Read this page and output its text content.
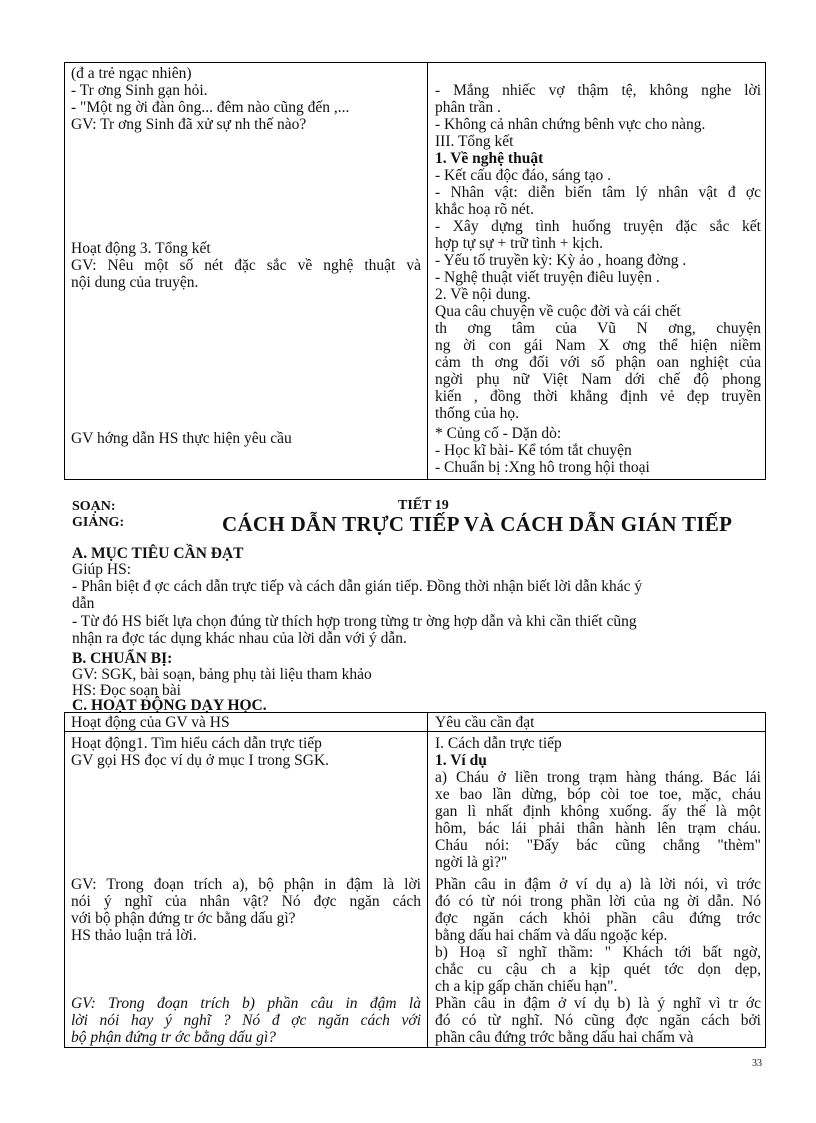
(đ a trẻ ngạc nhiên)
- Tr ơng Sinh gạn hỏi.
- "Một ng ời đàn ông... đêm nào cũng đến ,...
GV: Tr ơng Sinh đã xử sự nh thế nào?
Hoạt động 3. Tổng kết
GV: Nêu một số nét đặc sắc về nghệ thuật và
nội dung của truyện.
GV hớng dẫn HS thực hiện yêu cầu
- Mắng nhiếc vợ thậm tệ, không nghe lời
phân trần .
- Không cả nhân chứng bênh vực cho nàng.
III. Tổng kết
1. Về nghệ thuật
- Kết cấu độc đáo, sáng tạo .
- Nhân vật: diễn biến tâm lý nhân vật đ ợc
khắc hoạ rõ nét.
- Xây dựng tình huống truyện đặc sắc kết
hợp tự sự + trữ tình + kịch.
- Yếu tố truyền kỳ: Kỳ ảo , hoang đờng .
- Nghệ thuật viết truyện điêu luyện .
2. Về nội dung.
Qua câu chuyện về cuộc đời và cái chết
th ơng tâm của Vũ N ơng, chuyện
ng ời con gái Nam X ơng thể hiện niềm
cảm th ơng đối với số phận oan nghiệt của
ngời phụ nữ Việt Nam dới chế độ phong
kiến , đồng thời khẳng định vẻ đẹp truyền
thống của họ.
* Củng cố - Dặn dò:
- Học kĩ bài- Kể tóm tắt chuyện
- Chuẩn bị :Xng hô trong hội thoại
SOẠN:
GIẢNG:
TIẾT 19
CÁCH DẪN TRỰC TIẾP VÀ CÁCH DẪN GIÁN TIẾP
A. MỤC TIÊU CẦN ĐẠT
Giúp HS:
- Phân biệt đ ợc cách dẫn trực tiếp và cách dẫn gián tiếp. Đồng thời nhận biết lời dẫn khác ý
dẫn
- Từ đó HS biết lựa chọn đúng từ thích hợp trong từng tr ờng hợp dẫn và khi cần thiết cũng
nhận ra đợc tác dụng khác nhau của lời dẫn với ý dẫn.
B. CHUẨN BỊ:
GV: SGK, bài soạn, bảng phụ tài liệu tham khảo
HS: Đọc soạn bài
C. HOẠT ĐỘNG DẠY HỌC.
Hoạt động của GV và HS
Hoạt động1. Tìm hiểu cách dẫn trực tiếp
GV gọi HS đọc ví dụ ở mục I trong SGK.
GV: Trong đoạn trích a), bộ phận in đậm là lời
nói ý nghĩ của nhân vật? Nó đợc ngăn cách
với bộ phận đứng tr ớc bằng dấu gì?
HS thảo luận trả lời.
GV: Trong đoạn trích b) phần câu in đậm là
lời nói hay ý nghĩ ? Nó đ ợc ngăn cách với
bộ phận đứng tr ớc bằng dấu gì?
Yêu cầu cần đạt
I. Cách dẫn trực tiếp
1. Ví dụ
a) Cháu ở liền trong trạm hàng tháng. Bác lái
xe bao lần dừng, bóp còi toe toe, mặc, cháu
gan lì nhất định không xuống. ấy thế là một
hôm, bác lái phải thân hành lên trạm cháu.
Cháu nói: "Đấy bác cũng chẳng "thèm"
ngời là gì?"
Phần câu in đậm ở ví dụ a) là lời nói, vì trớc
đó có từ nói trong phần lời của ng ời dẫn. Nó
đợc ngăn cách khỏi phần câu đứng trớc
bằng dấu hai chấm và dấu ngoặc kép.
b) Hoạ sĩ nghĩ thầm: " Khách tới bất ngờ,
chắc cu cậu ch a kịp quét tớc dọn dẹp,
ch a kịp gấp chăn chiếu hạn".
Phần câu in đậm ở ví dụ b) là ý nghĩ vì tr ớc
đó có từ nghĩ. Nó cũng đợc ngăn cách bởi
phần câu đứng trớc bằng dấu hai chấm và
33
